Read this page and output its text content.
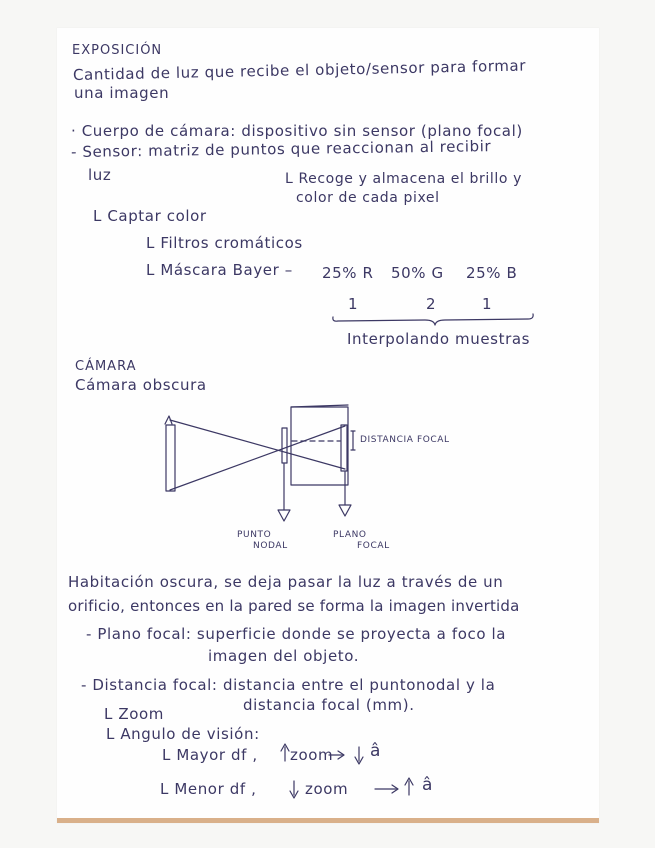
EXPOSICIÓN
Cantidad de luz que recibe el objeto/sensor para formar
una imagen
· Cuerpo de cámara: dispositivo sin sensor (plano focal)
- Sensor: matriz de puntos que reaccionan al recibir
luz	L Recoge y almacena el brillo y
color de cada pixel
L Captar color
L Filtros cromáticos
L Máscara Bayer – 25% R 50% G 25% B
1	2	1
Interpolando muestras
CÁMARA
Cámara obscura
DISTANCIA FOCAL
PUNTO
NODAL
PLANO
FOCAL
Habitación oscura, se deja pasar la luz a través de un
orificio, entonces en la pared se forma la imagen invertida
- Plano focal: superficie donde se proyecta a foco la
imagen del objeto.
- Distancia focal: distancia entre el puntonodal y la
distancia focal (mm).
L Zoom
L Angulo de visión:
L Mayor df , zoom â
L Menor df ,	zoom	â
